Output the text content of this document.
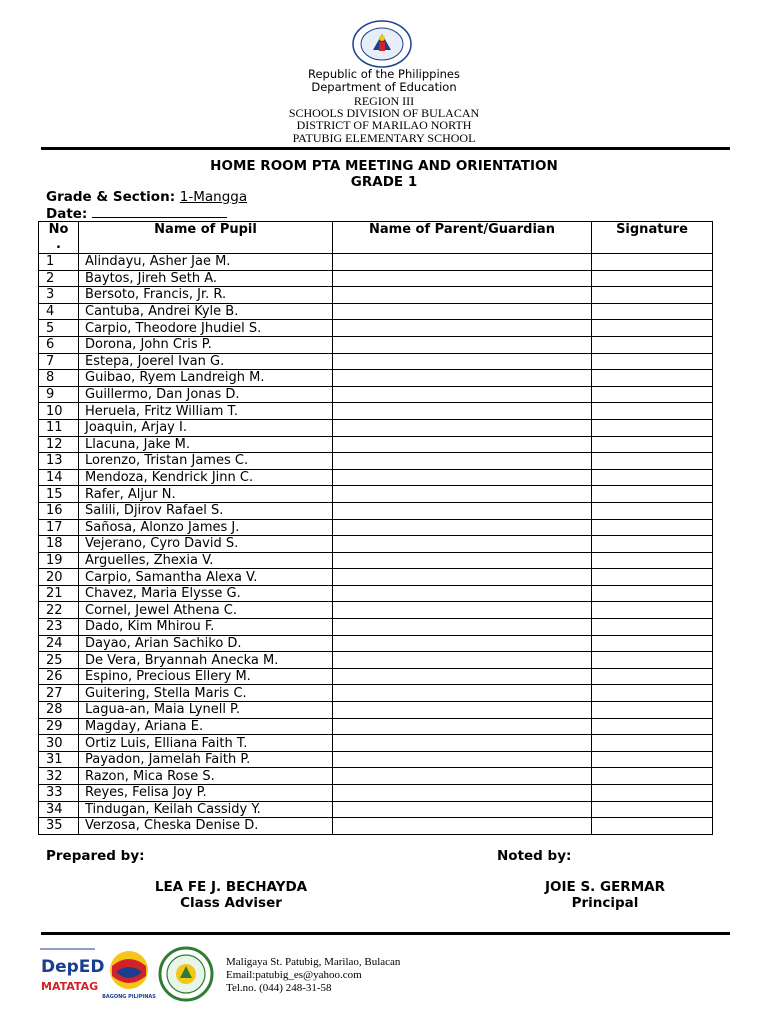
Republic of the Philippines
Department of Education
REGION III
SCHOOLS DIVISION OF BULACAN
DISTRICT OF MARILAO NORTH
PATUBIG ELEMENTARY SCHOOL
HOME ROOM PTA MEETING AND ORIENTATION
GRADE 1
Grade & Section: 1-Mangga
Date:
No
.	Name of Pupil	Name of Parent/Guardian	Signature
1	Alindayu, Asher Jae M.		
2	Baytos, Jireh Seth A.		
3	Bersoto, Francis, Jr. R.		
4	Cantuba, Andrei Kyle B.		
5	Carpio, Theodore Jhudiel S.		
6	Dorona, John Cris P.		
7	Estepa, Joerel Ivan G.		
8	Guibao, Ryem Landreigh M.		
9	Guillermo, Dan Jonas D.		
10	Heruela, Fritz William T.		
11	Joaquin, Arjay I.		
12	Llacuna, Jake M.		
13	Lorenzo, Tristan James C.		
14	Mendoza, Kendrick Jinn C.		
15	Rafer, Aljur N.		
16	Salili, Djirov Rafael S.		
17	Sañosa, Alonzo James J.		
18	Vejerano, Cyro David S.		
19	Arguelles, Zhexia V.		
20	Carpio, Samantha Alexa V.		
21	Chavez, Maria Elysse G.		
22	Cornel, Jewel Athena C.		
23	Dado, Kim Mhirou F.		
24	Dayao, Arian Sachiko D.		
25	De Vera, Bryannah Anecka M.		
26	Espino, Precious Ellery M.		
27	Guitering, Stella Maris C.		
28	Lagua-an, Maia Lynell P.		
29	Magday, Ariana E.		
30	Ortiz Luis, Elliana Faith T.		
31	Payadon, Jamelah Faith P.		
32	Razon, Mica Rose S.		
33	Reyes, Felisa Joy P.		
34	Tindugan, Keilah Cassidy Y.		
35	Verzosa, Cheska Denise D.		
Prepared by:	Noted by:
LEA FE J. BECHAYDA
Class Adviser
JOIE S. GERMAR
Principal
DepED
MATATAG
BAGONG PILIPINAS
Maligaya St. Patubig, Marilao, Bulacan
Email:patubig_es@yahoo.com
Tel.no. (044) 248-31-58
